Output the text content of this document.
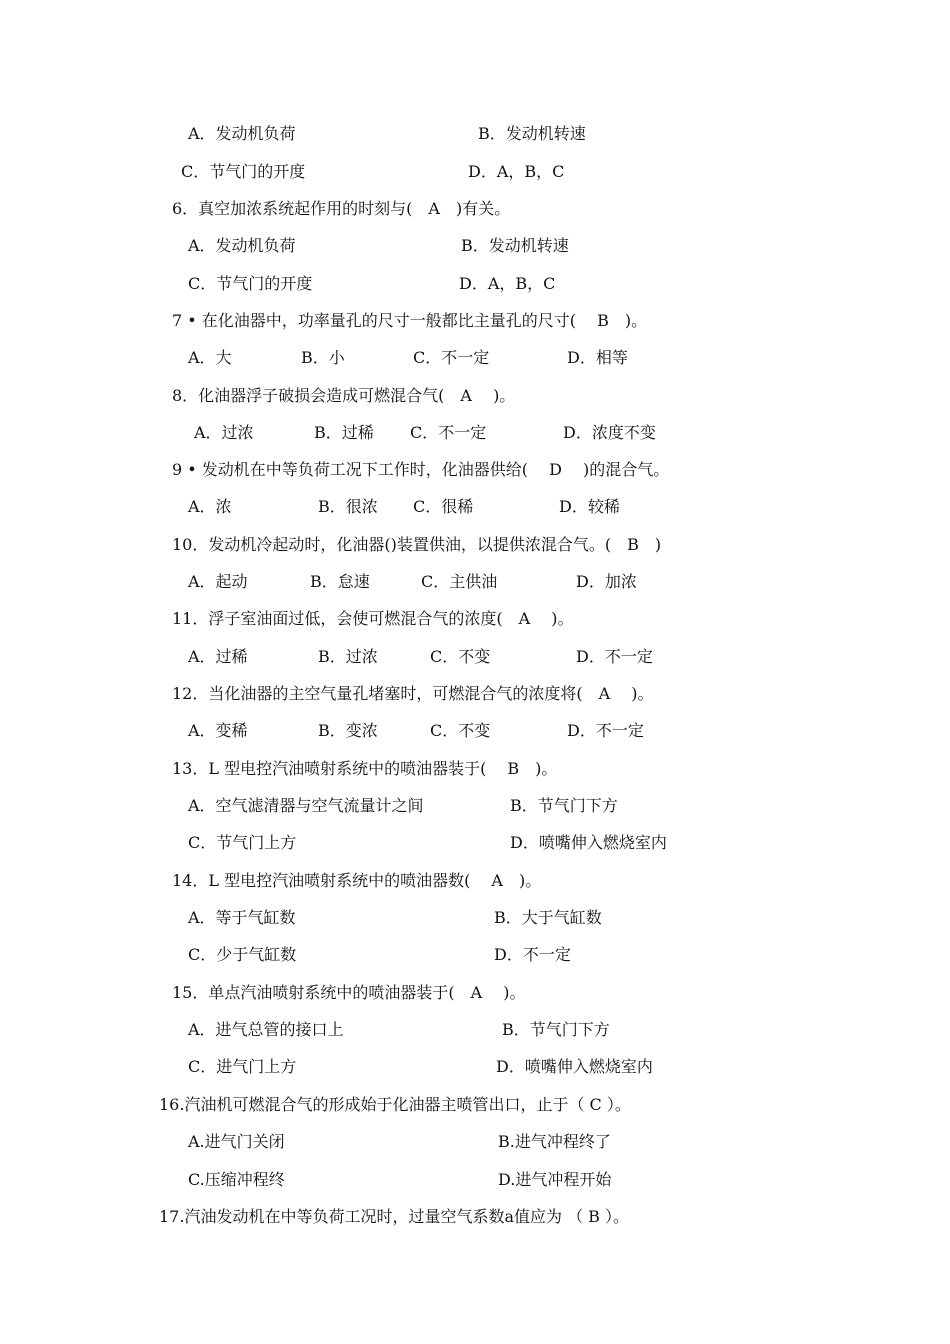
A．发动机负荷	B．发动机转速
C．节气门的开度	D．A，B，C
6．真空加浓系统起作用的时刻与(　A　)有关。
A．发动机负荷	B．发动机转速
C．节气门的开度	D．A，B，C
7 • 在化油器中，功率量孔的尺寸一般都比主量孔的尺寸(　 B　)。
A．大	B．小	C．不一定	D．相等
8．化油器浮子破损会造成可燃混合气(　A　 )。
A．过浓	B．过稀 C．不一定	D．浓度不变
9 • 发动机在中等负荷工况下工作时，化油器供给(　 D　 )的混合气。
A．浓	B．很浓 C．很稀	D．较稀
10．发动机冷起动时，化油器()装置供油，以提供浓混合气。(　B　)
A．起动	B．怠速	C．主供油	D．加浓
11．浮子室油面过低，会使可燃混合气的浓度(　A　 )。
A．过稀	B．过浓	C．不变	D．不一定
12．当化油器的主空气量孔堵塞时，可燃混合气的浓度将(　A　 )。
A．变稀	B．变浓	C．不变	D．不一定
13．L 型电控汽油喷射系统中的喷油器装于(　 B　)。
A．空气滤清器与空气流量计之间	B．节气门下方
C．节气门上方	D．喷嘴伸入燃烧室内
14．L 型电控汽油喷射系统中的喷油器数(　 A　)。
A．等于气缸数	B．大于气缸数
C．少于气缸数	D．不一定
15．单点汽油喷射系统中的喷油器装于(　A　 )。
A．进气总管的接口上	B．节气门下方
C．进气门上方	D．喷嘴伸入燃烧室内
16.汽油机可燃混合气的形成始于化油器主喷管出口，止于（ C ）。
A.进气门关闭	B.进气冲程终了
C.压缩冲程终	D.进气冲程开始
17.汽油发动机在中等负荷工况时，过量空气系数a值应为 （ B ）。
